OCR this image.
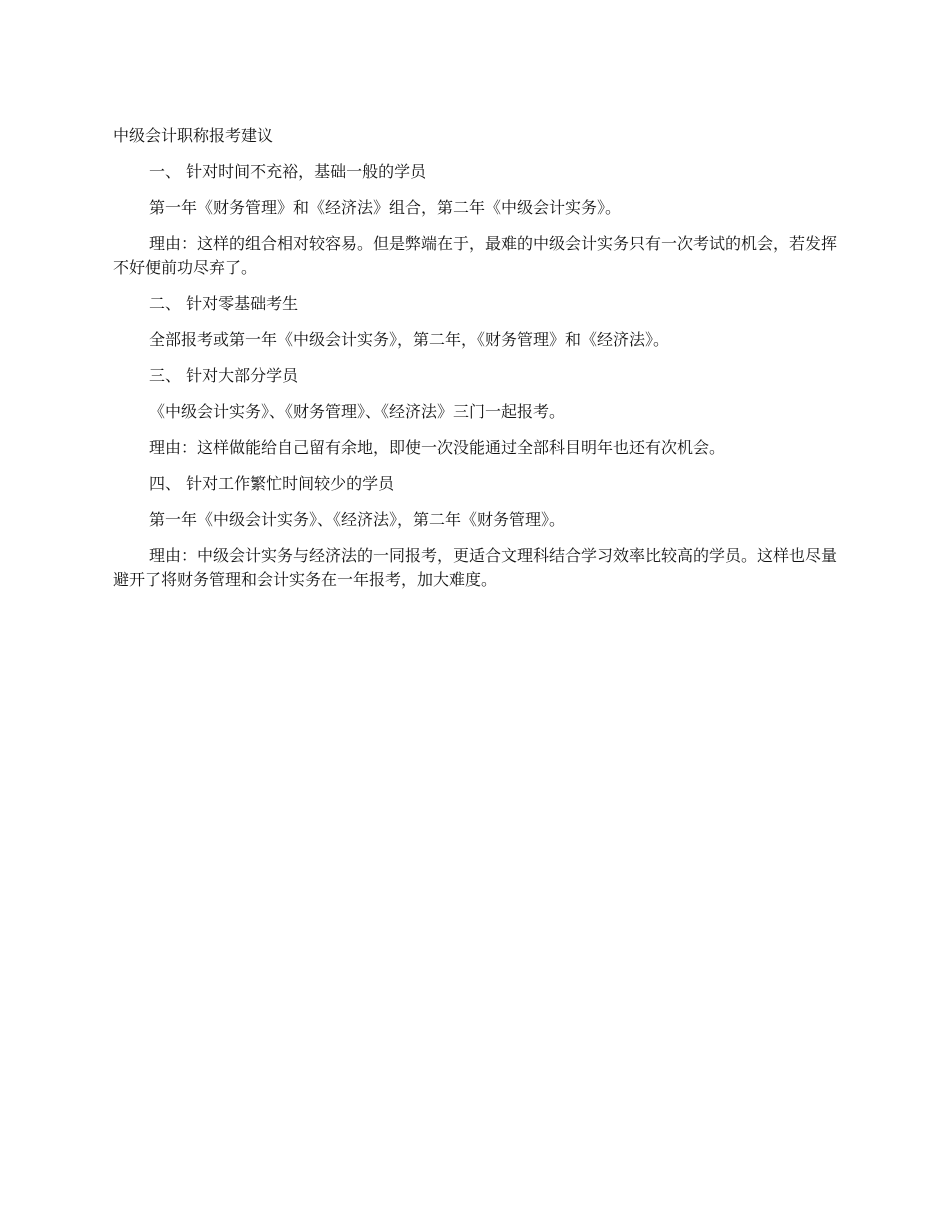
中级会计职称报考建议

一、 针对时间不充裕，基础一般的学员

第一年《财务管理》和《经济法》组合，第二年《中级会计实务》。

理由：这样的组合相对较容易。但是弊端在于，最难的中级会计实务只有一次考试的机会，若发挥不好便前功尽弃了。

二、 针对零基础考生

全部报考或第一年《中级会计实务》，第二年，《财务管理》和《经济法》。

三、 针对大部分学员

《中级会计实务》、《财务管理》、《经济法》三门一起报考。

理由：这样做能给自己留有余地，即使一次没能通过全部科目明年也还有次机会。

四、 针对工作繁忙时间较少的学员

第一年《中级会计实务》、《经济法》，第二年《财务管理》。

理由：中级会计实务与经济法的一同报考，更适合文理科结合学习效率比较高的学员。这样也尽量避开了将财务管理和会计实务在一年报考，加大难度。
